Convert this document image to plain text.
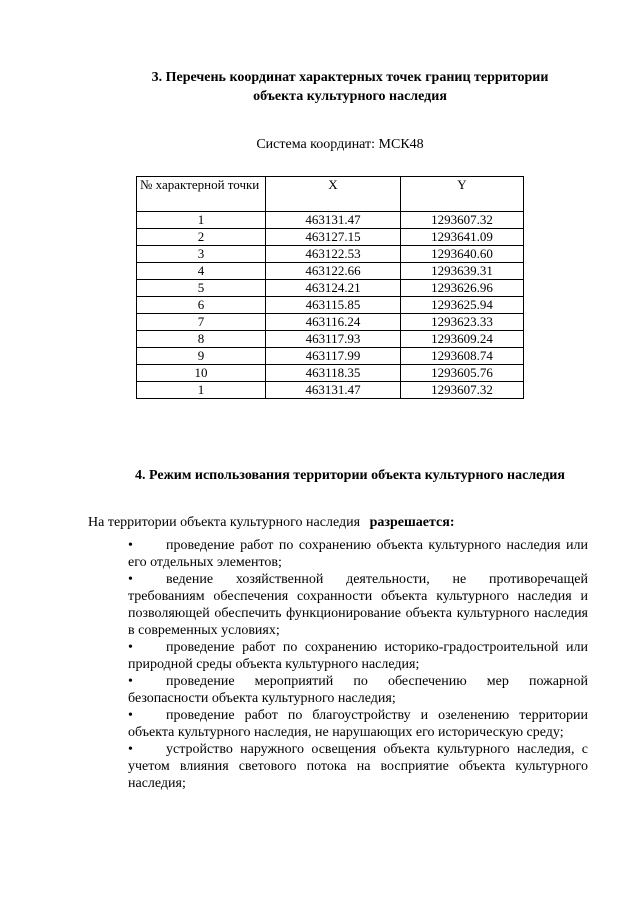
3. Перечень координат характерных точек границ территории
объекта культурного наследия
Система координат: МСК48
№ характерной точки	X	Y
1	463131.47	1293607.32
2	463127.15	1293641.09
3	463122.53	1293640.60
4	463122.66	1293639.31
5	463124.21	1293626.96
6	463115.85	1293625.94
7	463116.24	1293623.33
8	463117.93	1293609.24
9	463117.99	1293608.74
10	463118.35	1293605.76
1	463131.47	1293607.32
4. Режим использования территории объекта культурного наследия
На территории объекта культурного наследия разрешается:
• проведение работ по сохранению объекта культурного наследия или его отдельных элементов;
• ведение хозяйственной деятельности, не противоречащей требованиям обеспечения сохранности объекта культурного наследия и позволяющей обеспечить функционирование объекта культурного наследия в современных условиях;
• проведение работ по сохранению историко-градостроительной или природной среды объекта культурного наследия;
• проведение мероприятий по обеспечению мер пожарной безопасности объекта культурного наследия;
• проведение работ по благоустройству и озеленению территории объекта культурного наследия, не нарушающих его историческую среду;
• устройство наружного освещения объекта культурного наследия, с учетом влияния светового потока на восприятие объекта культурного наследия;
